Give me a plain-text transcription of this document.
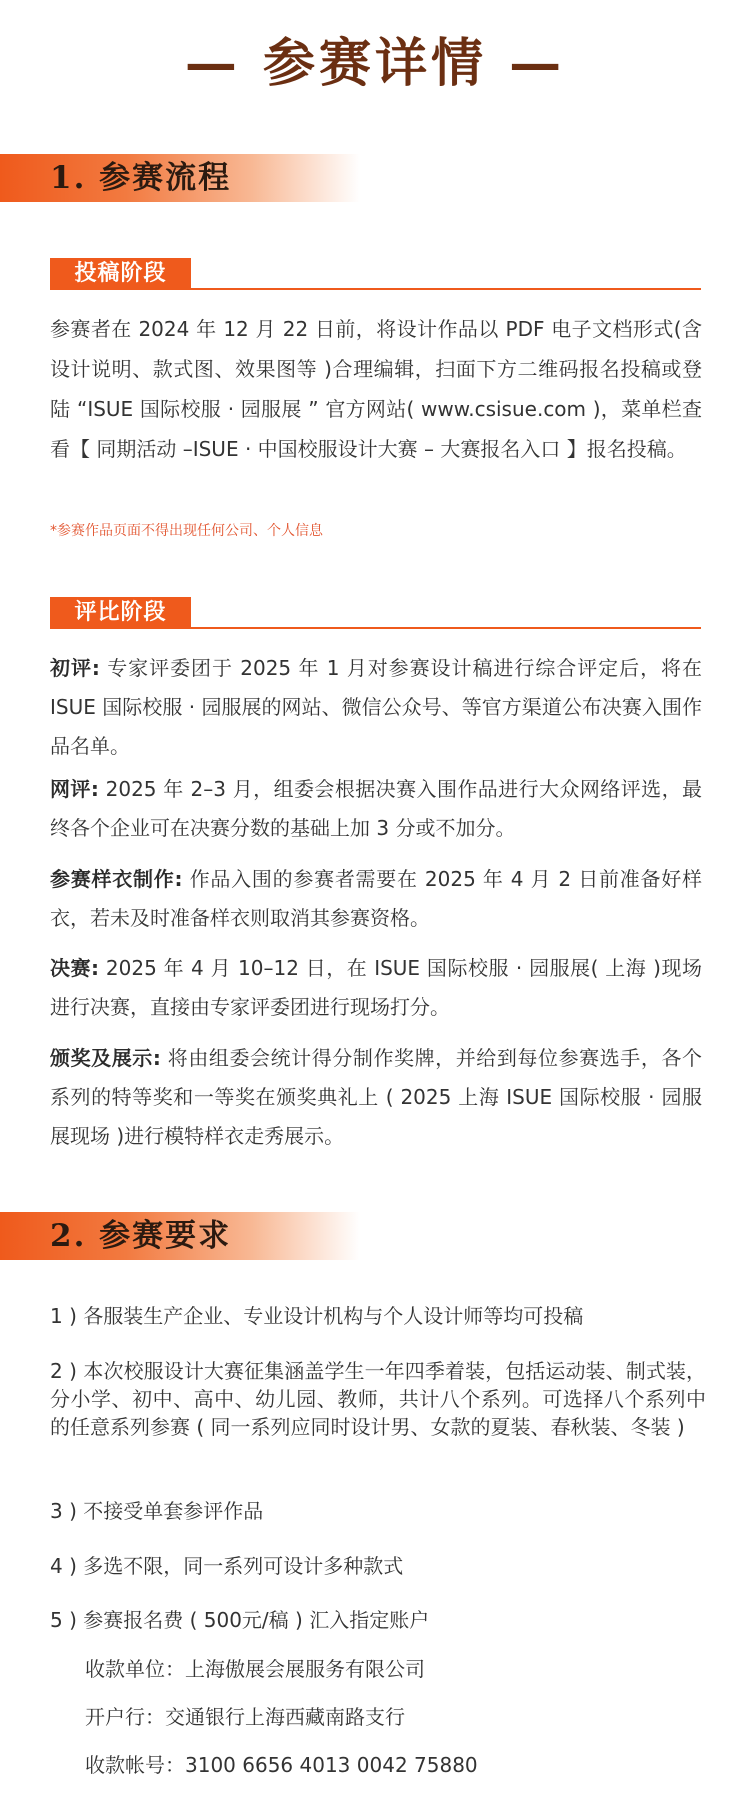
— 参赛详情 —
1. 参赛流程
投稿阶段

参赛者在 2024 年 12 月 22 日前，将设计作品以 PDF 电子文档形式(含设计说明、款式图、效果图等 )合理编辑，扫面下方二维码报名投稿或登陆 “ISUE 国际校服 · 园服展 ” 官方网站( www.csisue.com )，菜单栏查看【 同期活动 –ISUE · 中国校服设计大赛 – 大赛报名入口 】报名投稿。

*参赛作品页面不得出现任何公司、个人信息
评比阶段

初评: 专家评委团于 2025 年 1 月对参赛设计稿进行综合评定后，将在 ISUE 国际校服 · 园服展的网站、微信公众号、等官方渠道公布决赛入围作品名单。

网评: 2025 年 2–3 月，组委会根据决赛入围作品进行大众网络评选，最终各个企业可在决赛分数的基础上加 3 分或不加分。

参赛样衣制作: 作品入围的参赛者需要在 2025 年 4 月 2 日前准备好样衣，若未及时准备样衣则取消其参赛资格。

决赛: 2025 年 4 月 10–12 日，在 ISUE 国际校服 · 园服展( 上海 )现场进行决赛，直接由专家评委团进行现场打分。

颁奖及展示: 将由组委会统计得分制作奖牌，并给到每位参赛选手，各个系列的特等奖和一等奖在颁奖典礼上 ( 2025 上海 ISUE 国际校服 · 园服展现场 )进行模特样衣走秀展示。

2. 参赛要求

1 ) 各服装生产企业、专业设计机构与个人设计师等均可投稿

2 ) 本次校服设计大赛征集涵盖学生一年四季着装，包括运动装、制式装，分小学、初中、高中、幼儿园、教师，共计八个系列。可选择八个系列中的任意系列参赛 ( 同一系列应同时设计男、女款的夏装、春秋装、冬装 )

3 ) 不接受单套参评作品

4 ) 多选不限，同一系列可设计多种款式

5 ) 参赛报名费 ( 500元/稿 ) 汇入指定账户

收款单位：上海傲展会展服务有限公司
开户行：交通银行上海西藏南路支行
收款帐号：3100 6656 4013 0042 75880
